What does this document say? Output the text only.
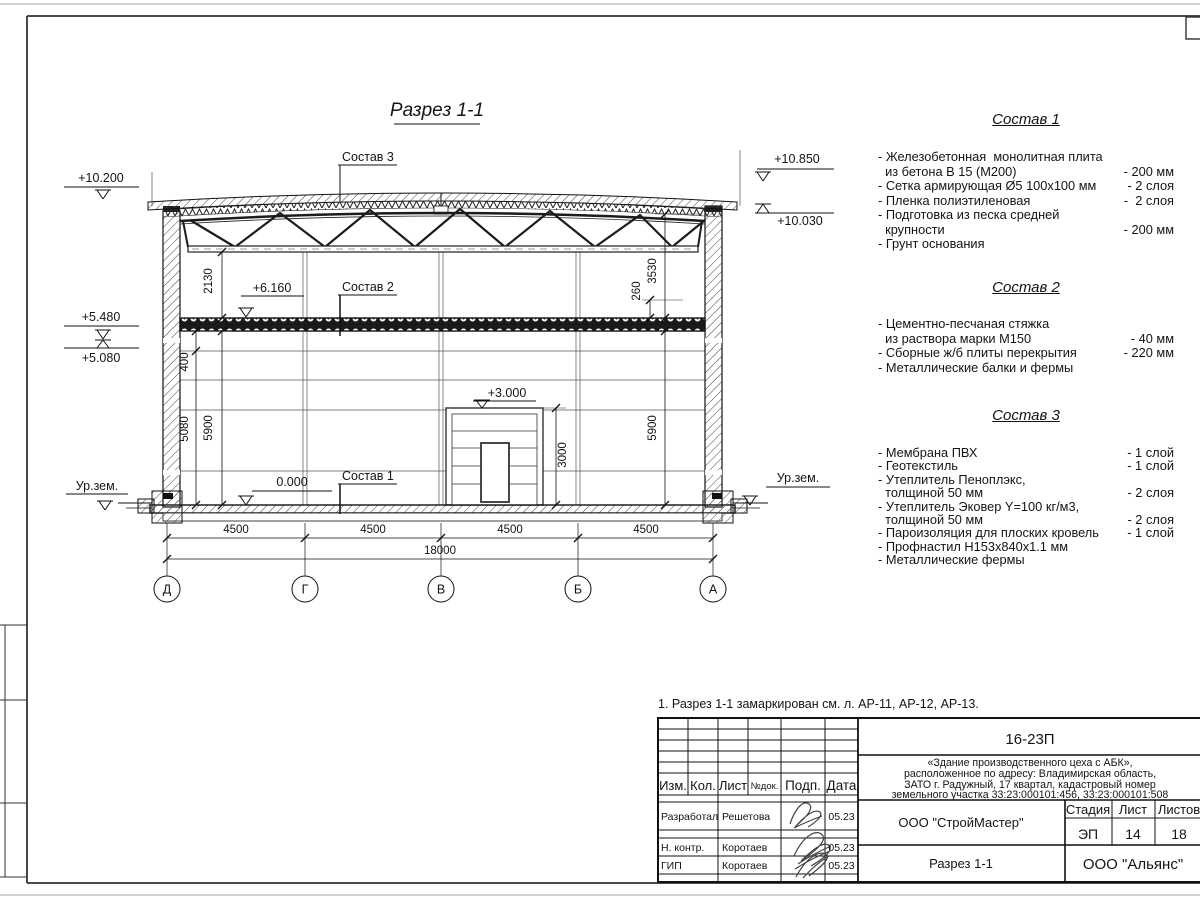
Разрез 1-1
Состав 3
Состав 2
Состав 1
+10.200
+5.480
+5.080
+10.850
+10.030
+6.160
+3.000
0.000
Ур.зем.
Ур.зем.
2130
400
5080 5900
3530
260
5900
3000
4500	4500	4500	4500
18000
Д	Г	В	Б	А
Изм. Кол. Лист №док. Подп. Дата
Разработал Решетова	05.23
Н. контр. Коротаев	05.23
ГИП	Коротаев	05.23
16-23П
«Здание производственного цеха с АБК»,
расположенное по адресу: Владимирская область,
ЗАТО г. Радужный, 17 квартал, кадастровый номер
земельного участка 33:23:000101:456, 33:23:000101:508
ООО "СтройМастер"
Стадия Лист Листов
ЭП 14 18
Разрез 1-1	ООО "Альянс"
Состав 1
- Железобетонная  монолитная плита
из бетона В 15 (М200)	- 200 мм
- Сетка армирующая Ø5 100х100 мм - 2 слоя
- Пленка полиэтиленовая	-  2 слоя
- Подготовка из песка средней
крупности	- 200 мм
- Грунт основания
Состав 2
- Цементно-песчаная стяжка
из раствора марки М150	- 40 мм
- Сборные ж/б плиты перекрытия	- 220 мм
- Металлические балки и фермы
Состав 3
- Мембрана ПВХ	- 1 слой
- Геотекстиль	- 1 слой
- Утеплитель Пеноплэкс,
толщиной 50 мм	- 2 слоя
- Утеплитель Эковер Y=100 кг/м3,
толщиной 50 мм	- 2 слоя
- Пароизоляция для плоских кровель - 1 слой
- Профнастил Н153х840х1.1 мм
- Металлические фермы
1. Разрез 1-1 замаркирован см. л. АР-11, АР-12, АР-13.
